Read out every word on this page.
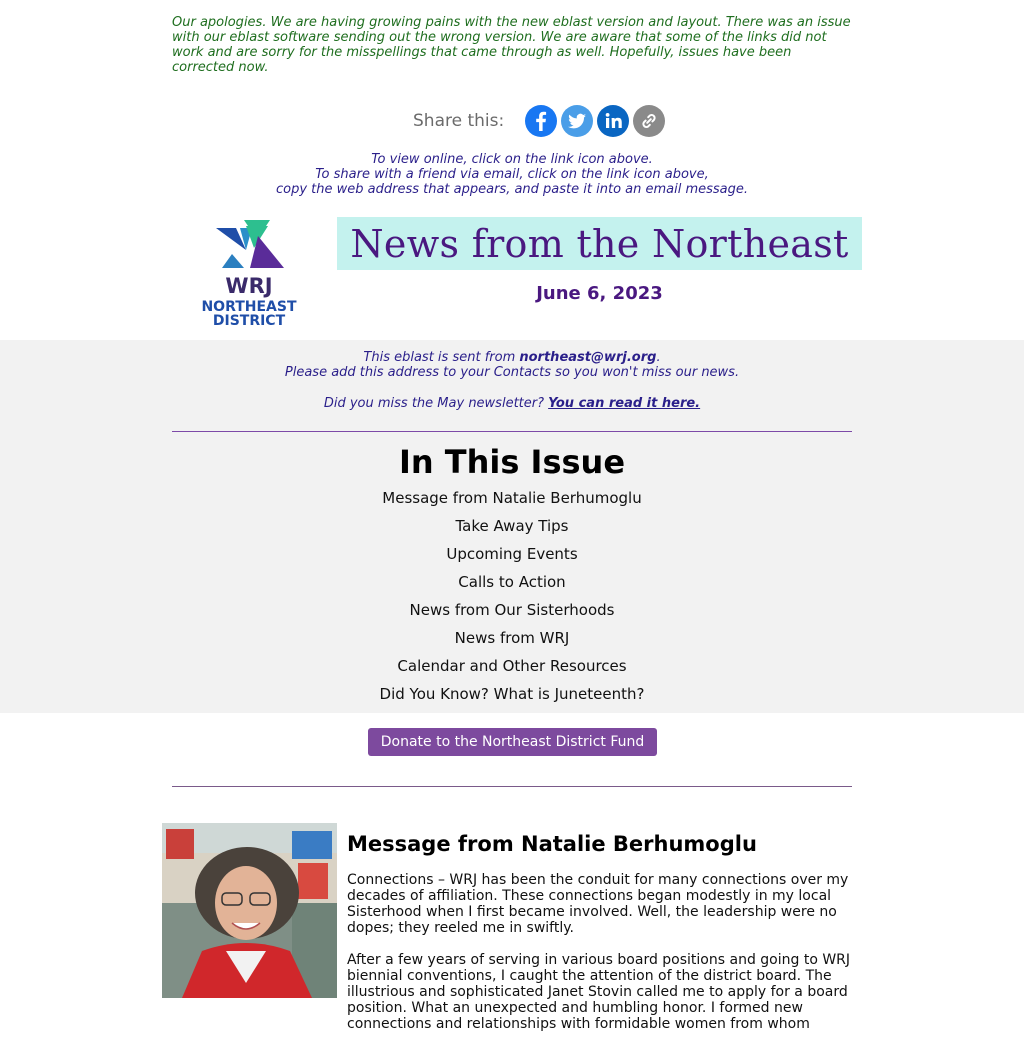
Our apologies. We are having growing pains with the new eblast version and layout. There was an issue with our eblast software sending out the wrong version. We are aware that some of the links did not work and are sorry for the misspellings that came through as well. Hopefully, issues have been corrected now.
Share this:
To view online, click on the link icon above.
To share with a friend via email, click on the link icon above,
copy the web address that appears, and paste it into an email message.
WRJ
NORTHEAST
DISTRICT
News from the Northeast
June 6, 2023
This eblast is sent from northeast@wrj.org.
Please add this address to your Contacts so you won't miss our news.
Did you miss the May newsletter? You can read it here.
In This Issue
Message from Natalie Berhumoglu
Take Away Tips
Upcoming Events
Calls to Action
News from Our Sisterhoods
News from WRJ
Calendar and Other Resources
Did You Know? What is Juneteenth?
Donate to the Northeast District Fund
Message from Natalie Berhumoglu

Connections – WRJ has been the conduit for many connections over my decades of affiliation. These connections began modestly in my local Sisterhood when I first became involved. Well, the leadership were no dopes; they reeled me in swiftly.

After a few years of serving in various board positions and going to WRJ biennial conventions, I caught the attention of the district board. The illustrious and sophisticated Janet Stovin called me to apply for a board position. What an unexpected and humbling honor. I formed new connections and relationships with formidable women from whom
